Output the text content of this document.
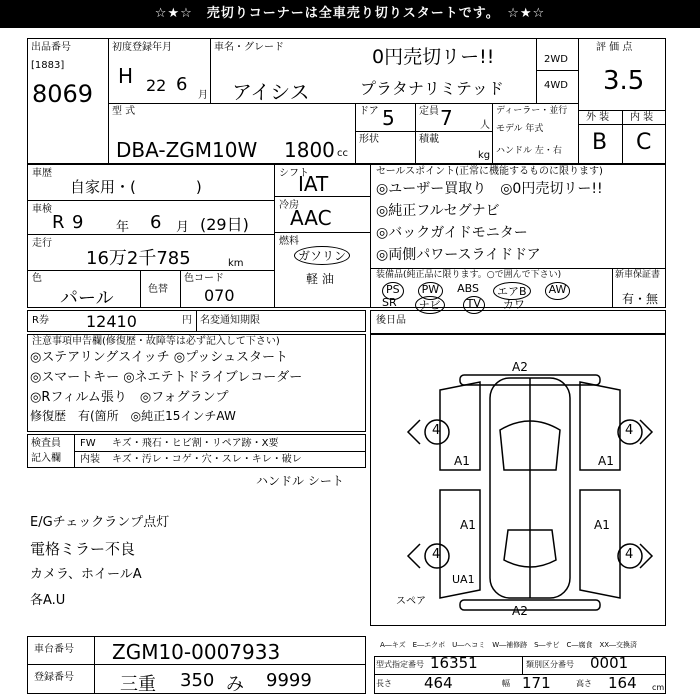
☆★☆　売切りコーナーは全車売り切りスタートです。　☆★☆
出品番号
[1883]
8069
初度登録年月
H 22 6
月
車名・グレード	0円売切リー!!
アイシス	プラタナリミテッド
2WD
4WD
評 価 点
3.5
外 装 内 装
B C
型 式
DBA-ZGM10W 1800 cc
ドア 5 定員 7	人
形状	積載
kg
ディーラー・並行
モデル 年式
ハンドル 左・右
車歴
自家用・(　　　　)
車検
R 9	年 6 月 (29日)
走行
16万2千785	km
色
パール	色替
色コード
070
シフト
IAT
冷房
AAC
燃料
ガソリン
軽 油
セールスポイント(正常に機能するものに限ります)
◎ユーザー買取り　◎0円売切リー!!
◎純正フルセグナビ
◎バックガイドモニター
◎両側パワースライドドア
装備品(純正品に限ります。○で囲んで下さい)
PS	PW	ABS	エアB	AW
SR	ナビ	TV	カワ
新車保証書
有・無
R券 12410	円 名変通知期限	後日品
注意事項申告欄(修復歴・故障等は必ず記入して下さい)
◎ステアリングスイッチ ◎プッシュスタート
◎スマートキー ◎ネエテトドライブレコーダー
◎Rフィルム張り　◎フォグランプ
修復歴　有(箇所　◎純正15インチAW
検査員
記入欄
FW キズ・飛石・ヒビ割・リペア跡・X要
内装 キズ・汚レ・コゲ・穴・スレ・キレ・破レ
ハンドル シート
E/Gチェックランプ点灯
電格ミラー不良
カメラ、ホイールA
各A.U
A2
4	4
A1	A1
A1	A1
4	4
UA1
A2
スペア
A―キズ　E―エクボ　U―ヘコミ　W―補修跡　S―サビ　C―腐食　XX―交換済
車台番号 ZGM10-0007933
登録番号	三重 350 み 9999
型式指定番号 16351	類別区分番号 0001
長さ 464	幅 171	高さ 164 cm
